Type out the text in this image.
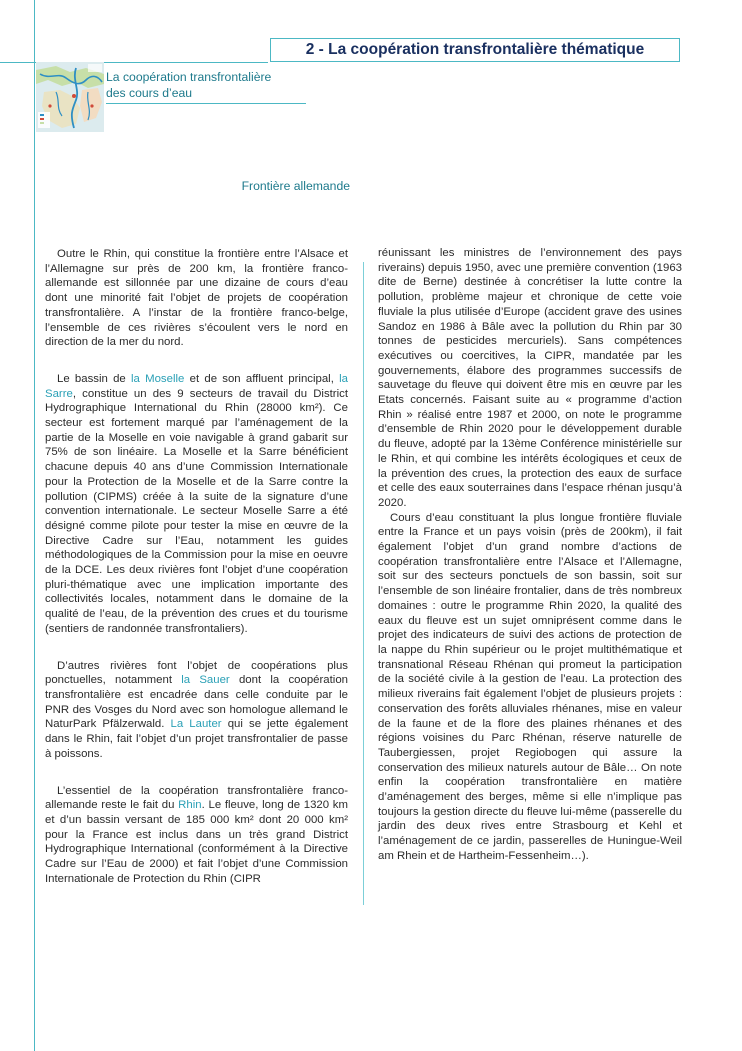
2 - La coopération transfrontalière thématique
La coopération transfrontalière
des cours d’eau
Frontière allemande

Outre le Rhin, qui constitue la frontière entre l’Alsace et l’Allemagne sur près de 200 km, la frontière franco-allemande est sillonnée par une dizaine de cours d’eau dont une minorité fait l’objet de projets de coopération transfrontalière. A l’instar de la frontière franco-belge, l’ensemble de ces rivières s’écoulent vers le nord en direction de la mer du nord.

Le bassin de la Moselle et de son affluent principal, la Sarre, constitue un des 9 secteurs de travail du District Hydrographique International du Rhin (28000 km²). Ce secteur est fortement marqué par l’aménagement de la partie de la Moselle en voie navigable à grand gabarit sur 75% de son linéaire. La Moselle et la Sarre bénéficient chacune depuis 40 ans d’une Commission Internationale pour la Protection de la Moselle et de la Sarre contre la pollution (CIPMS) créée à la suite de la signature d’une convention internationale. Le secteur Moselle Sarre a été désigné comme pilote pour tester la mise en œuvre de la Directive Cadre sur l’Eau, notamment les guides méthodologiques de la Commission pour la mise en oeuvre de la DCE. Les deux rivières font l’objet d’une coopération pluri-thématique avec une implication importante des collectivités locales, notamment dans le domaine de la qualité de l’eau, de la prévention des crues et du tourisme (sentiers de randonnée transfrontaliers).

D’autres rivières font l’objet de coopérations plus ponctuelles, notamment la Sauer dont la coopération transfrontalière est encadrée dans celle conduite par le PNR des Vosges du Nord avec son homologue allemand le NaturPark Pfälzerwald. La Lauter qui se jette également dans le Rhin, fait l’objet d’un projet transfrontalier de passe à poissons.

L’essentiel de la coopération transfrontalière franco-allemande reste le fait du Rhin. Le fleuve, long de 1320 km et d’un bassin versant de 185 000 km² dont 20 000 km² pour la France est inclus dans un très grand District Hydrographique International (conformément à la Directive Cadre sur l’Eau de 2000) et fait l’objet d’une Commission Internationale de Protection du Rhin (CIPR

réunissant les ministres de l’environnement des pays riverains) depuis 1950, avec une première convention (1963 dite de Berne) destinée à concrétiser la lutte contre la pollution, problème majeur et chronique de cette voie fluviale la plus utilisée d’Europe (accident grave des usines Sandoz en 1986 à Bâle avec la pollution du Rhin par 30 tonnes de pesticides mercuriels). Sans compétences exécutives ou coercitives, la CIPR, mandatée par les gouvernements, élabore des programmes successifs de sauvetage du fleuve qui doivent être mis en œuvre par les Etats concernés. Faisant suite au « programme d’action Rhin » réalisé entre 1987 et 2000, on note le programme d’ensemble de Rhin 2020 pour le développement durable du fleuve, adopté par la 13ème Conférence ministérielle sur le Rhin, et qui combine les intérêts écologiques et ceux de la prévention des crues, la protection des eaux de surface et celle des eaux souterraines dans l’espace rhénan jusqu’à 2020.

Cours d’eau constituant la plus longue frontière fluviale entre la France et un pays voisin (près de 200km), il fait également l’objet d’un grand nombre d’actions de coopération transfrontalière entre l’Alsace et l’Allemagne, soit sur des secteurs ponctuels de son bassin, soit sur l’ensemble de son linéaire frontalier, dans de très nombreux domaines : outre le programme Rhin 2020, la qualité des eaux du fleuve est un sujet omniprésent comme dans le projet des indicateurs de suivi des actions de protection de la nappe du Rhin supérieur ou le projet multithématique et transnational Réseau Rhénan qui promeut la participation de la société civile à la gestion de l’eau. La protection des milieux riverains fait également l’objet de plusieurs projets : conservation des forêts alluviales rhénanes, mise en valeur de la faune et de la flore des plaines rhénanes et des régions voisines du Parc Rhénan, réserve naturelle de Taubergiessen, projet Regiobogen qui assure la conservation des milieux naturels autour de Bâle… On note enfin la coopération transfrontalière en matière d’aménagement des berges, même si elle n’implique pas toujours la gestion directe du fleuve lui-même (passerelle du jardin des deux rives entre Strasbourg et Kehl et l’aménagement de ce jardin, passerelles de Huningue-Weil am Rhein et de Hartheim-Fessenheim…).
